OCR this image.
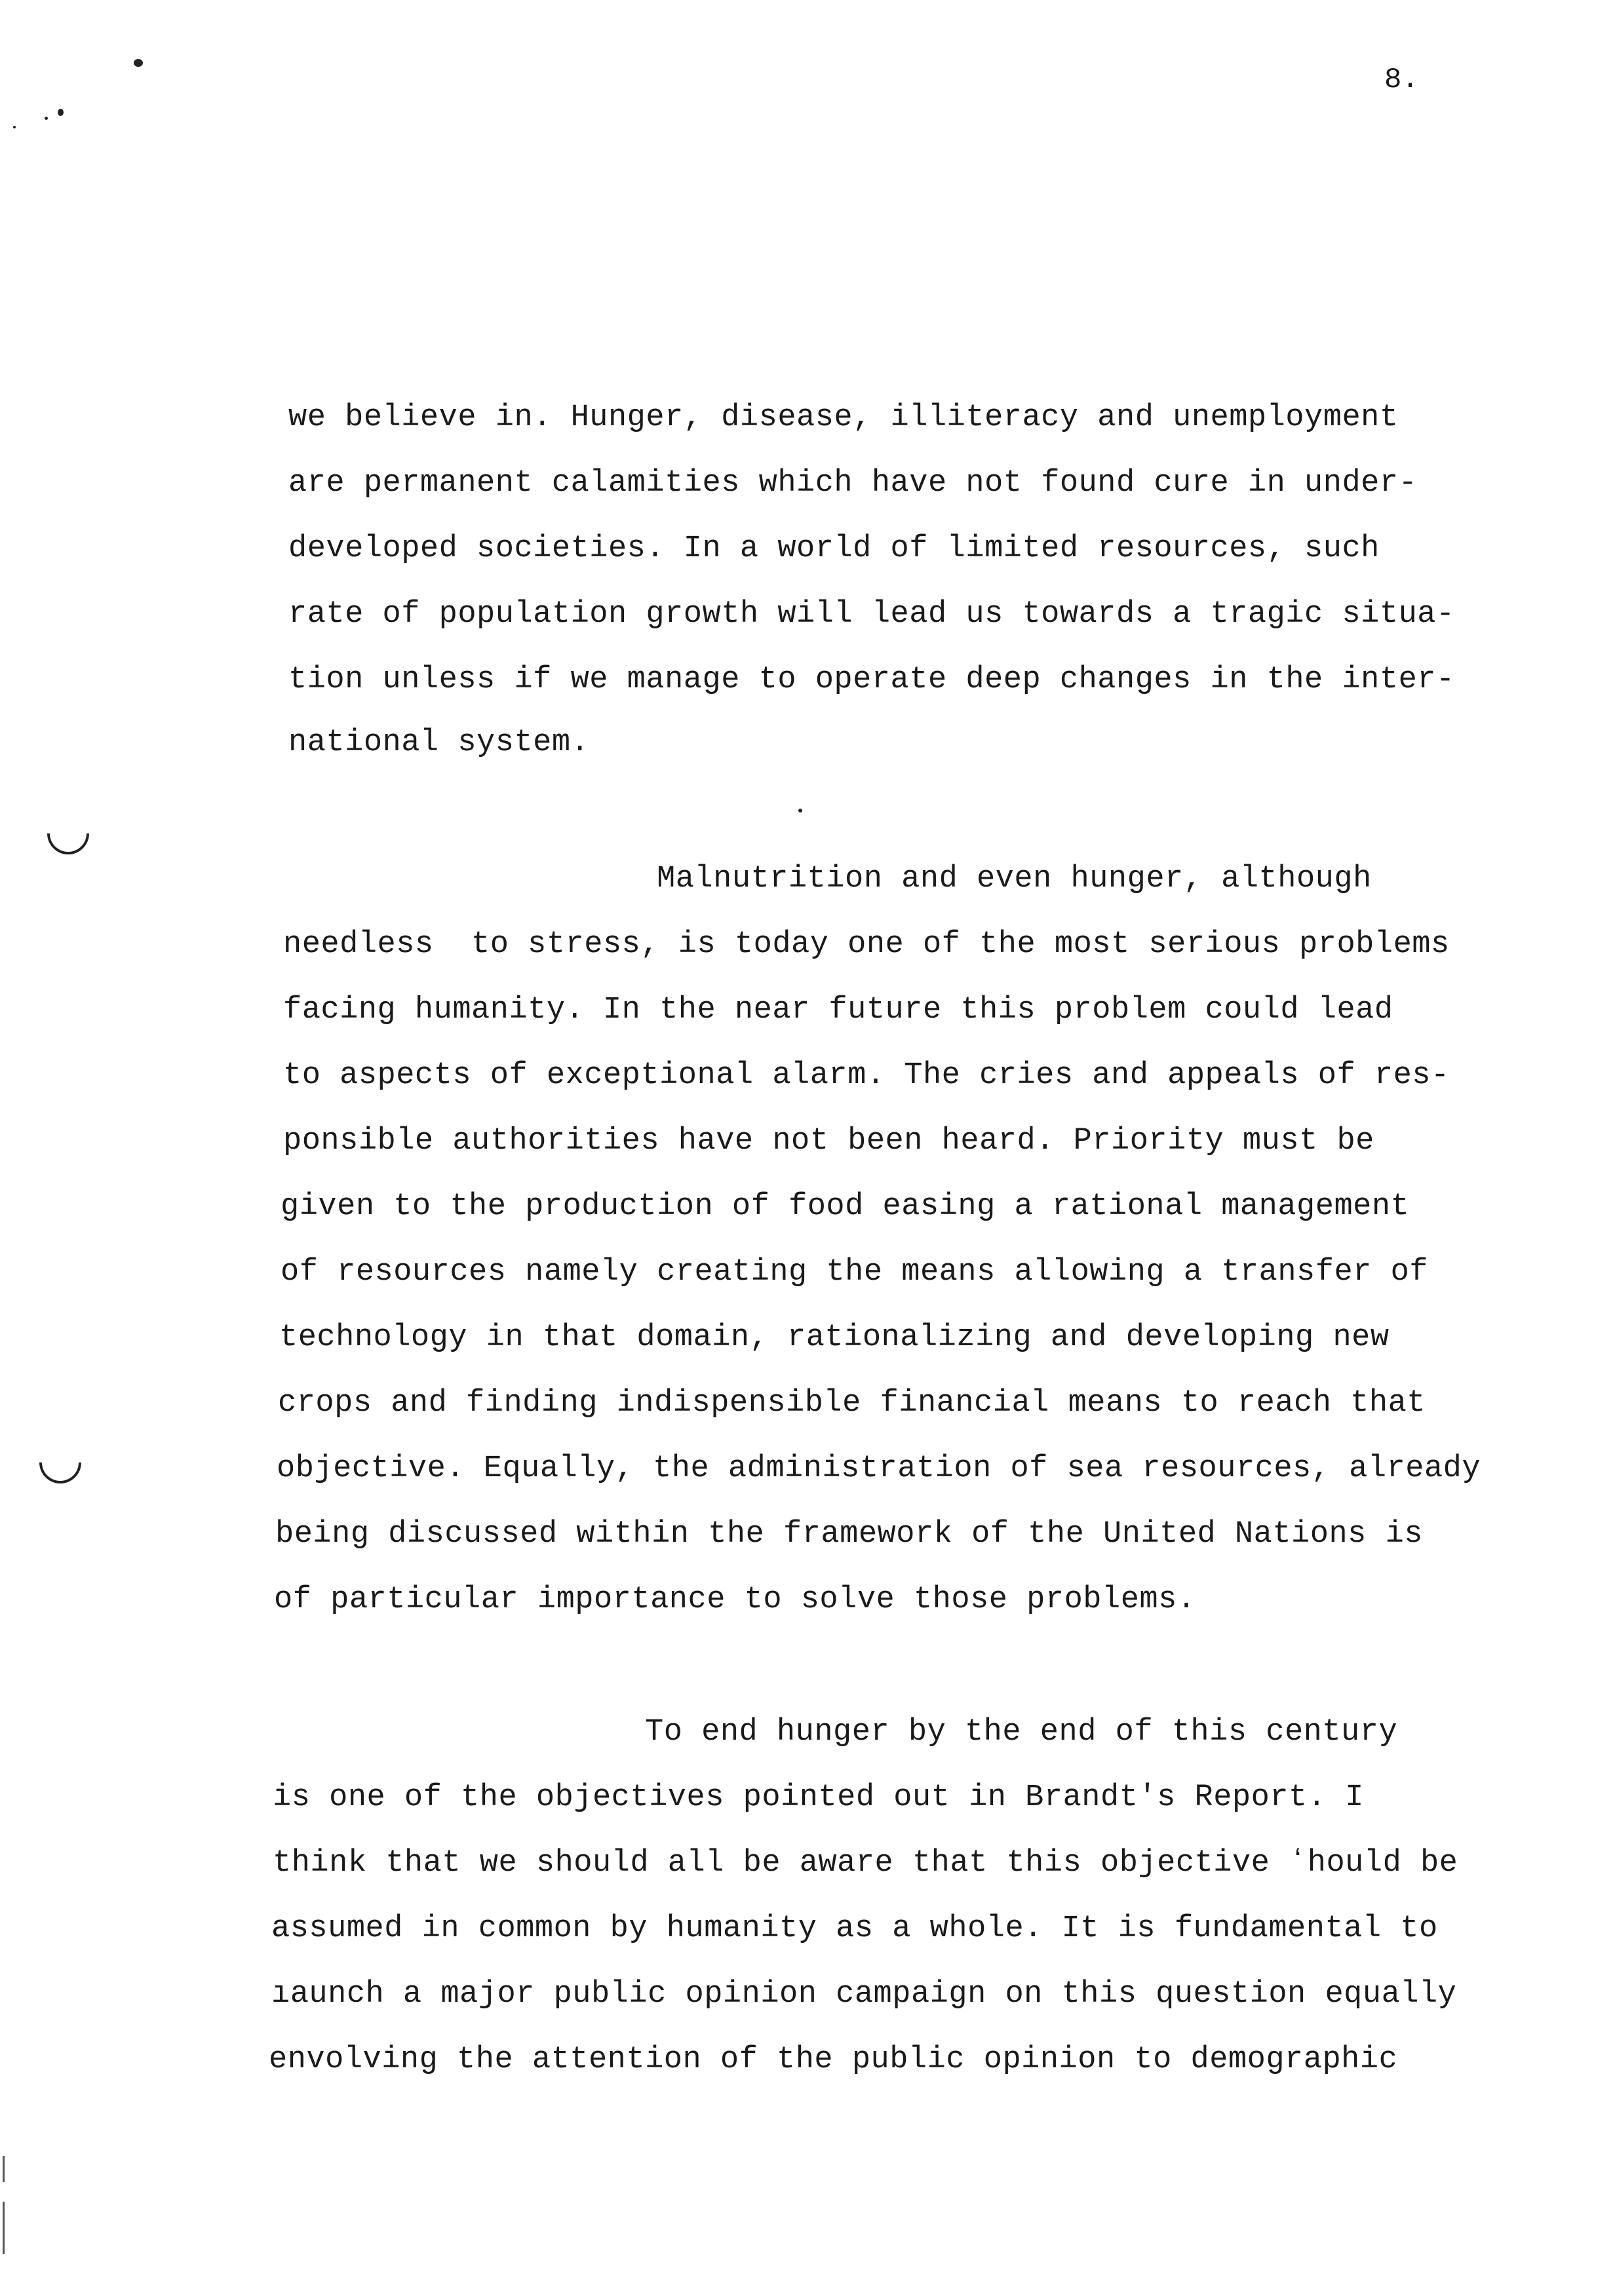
8.
we believe in. Hunger, disease, illiteracy and unemployment
are permanent calamities which have not found cure in under-
developed societies. In a world of limited resources, such
rate of population growth will lead us towards a tragic situa-
tion unless if we manage to operate deep changes in the inter-
national system.
Malnutrition and even hunger, although
needless  to stress, is today one of the most serious problems
facing humanity. In the near future this problem could lead
to aspects of exceptional alarm. The cries and appeals of res-
ponsible authorities have not been heard. Priority must be
given to the production of food easing a rational management
of resources namely creating the means allowing a transfer of
technology in that domain, rationalizing and developing new
crops and finding indispensible financial means to reach that
objective. Equally, the administration of sea resources, already
being discussed within the framework of the United Nations is
of particular importance to solve those problems.
To end hunger by the end of this century
is one of the objectives pointed out in Brandt's Report. I
think that we should all be aware that this objective ʻhould be
assumed in common by humanity as a whole. It is fundamental to
ıaunch a major public opinion campaign on this question equally
envolving the attention of the public opinion to demographic
